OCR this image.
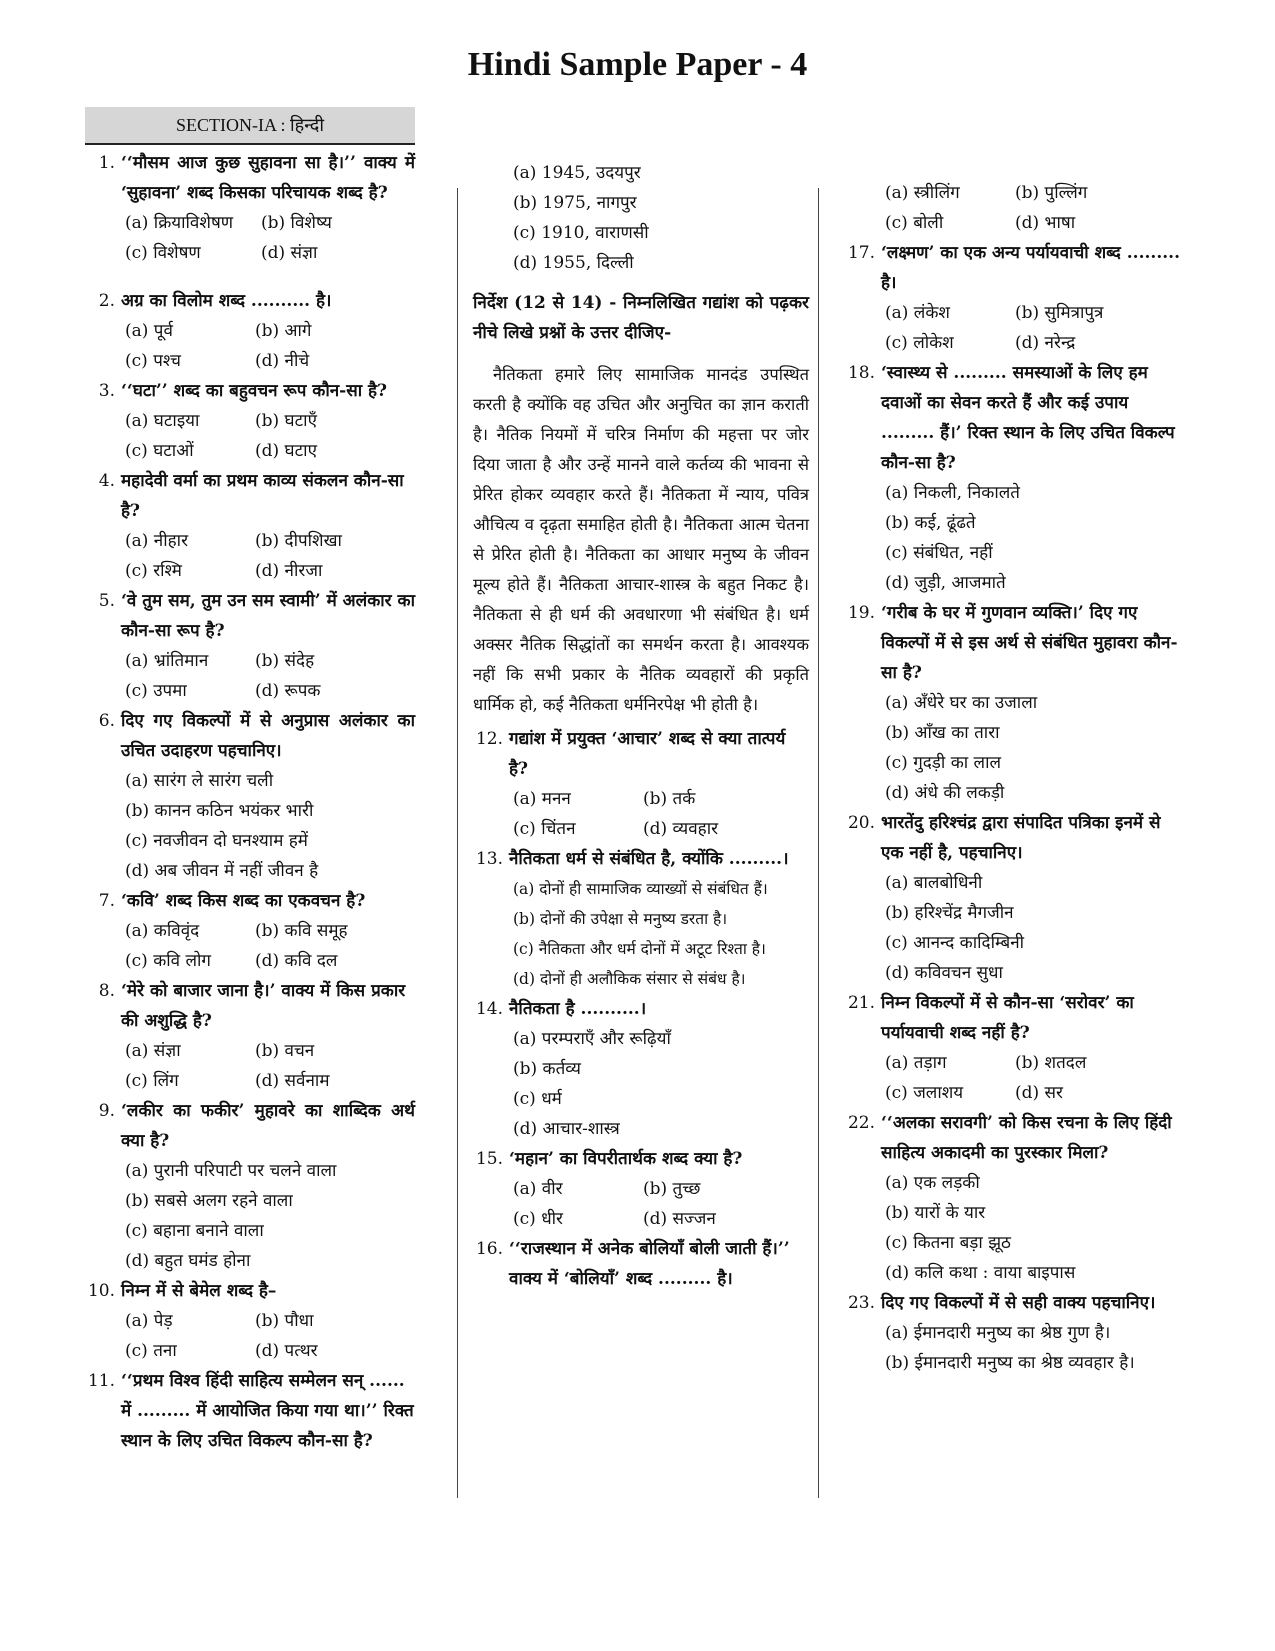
Hindi Sample Paper - 4
SECTION-IA : हिन्दी
1. ‘‘मौसम आज कुछ सुहावना सा है।’’ वाक्य में ‘सुहावना’ शब्द किसका परिचायक शब्द है?
(a) क्रियाविशेषण	(b) विशेष्य
(c) विशेषण	(d) संज्ञा
2. अग्र का विलोम शब्द .......... है।
(a) पूर्व	(b) आगे
(c) पश्च	(d) नीचे
3. ‘‘घटा’’ शब्द का बहुवचन रूप कौन-सा है?
(a) घटाइया	(b) घटाएँ
(c) घटाओं	(d) घटाए
4. महादेवी वर्मा का प्रथम काव्य संकलन कौन-सा है?
(a) नीहार	(b) दीपशिखा
(c) रश्मि	(d) नीरजा
5. ‘वे तुम सम, तुम उन सम स्वामी’ में अलंकार का कौन-सा रूप है?
(a) भ्रांतिमान	(b) संदेह
(c) उपमा	(d) रूपक
6. दिए गए विकल्पों में से अनुप्रास अलंकार का उचित उदाहरण पहचानिए।
(a) सारंग ले सारंग चली
(b) कानन कठिन भयंकर भारी
(c) नवजीवन दो घनश्याम हमें
(d) अब जीवन में नहीं जीवन है
7. ‘कवि’ शब्द किस शब्द का एकवचन है?
(a) कविवृंद	(b) कवि समूह
(c) कवि लोग	(d) कवि दल
8. ‘मेरे को बाजार जाना है।’ वाक्य में किस प्रकार की अशुद्धि है?
(a) संज्ञा	(b) वचन
(c) लिंग	(d) सर्वनाम
9. ‘लकीर का फकीर’ मुहावरे का शाब्दिक अर्थ क्या है?
(a) पुरानी परिपाटी पर चलने वाला
(b) सबसे अलग रहने वाला
(c) बहाना बनाने वाला
(d) बहुत घमंड होना
10. निम्न में से बेमेल शब्द है–
(a) पेड़	(b) पौधा
(c) तना	(d) पत्थर
11. ‘‘प्रथम विश्व हिंदी साहित्य सम्मेलन सन् ...... में ......... में आयोजित किया गया था।’’ रिक्त स्थान के लिए उचित विकल्प कौन-सा है?
(a) 1945, उदयपुर
(b) 1975, नागपुर
(c) 1910, वाराणसी
(d) 1955, दिल्ली
निर्देश (12 से 14) - निम्नलिखित गद्यांश को पढ़कर नीचे लिखे प्रश्नों के उत्तर दीजिए-
नैतिकता हमारे लिए सामाजिक मानदंड उपस्थित करती है क्योंकि वह उचित और अनुचित का ज्ञान कराती है। नैतिक नियमों में चरित्र निर्माण की महत्ता पर जोर दिया जाता है और उन्हें मानने वाले कर्तव्य की भावना से प्रेरित होकर व्यवहार करते हैं। नैतिकता में न्याय, पवित्र औचित्य व दृढ़ता समाहित होती है। नैतिकता आत्म चेतना से प्रेरित होती है। नैतिकता का आधार मनुष्य के जीवन मूल्य होते हैं। नैतिकता आचार-शास्त्र के बहुत निकट है। नैतिकता से ही धर्म की अवधारणा भी संबंधित है। धर्म अक्सर नैतिक सिद्धांतों का समर्थन करता है। आवश्यक नहीं कि सभी प्रकार के नैतिक व्यवहारों की प्रकृति धार्मिक हो, कई नैतिकता धर्मनिरपेक्ष भी होती है।
12. गद्यांश में प्रयुक्त ‘आचार’ शब्द से क्या तात्पर्य है?
(a) मनन	(b) तर्क
(c) चिंतन	(d) व्यवहार
13. नैतिकता धर्म से संबंधित है, क्योंकि .........।
(a) दोनों ही सामाजिक व्याख्यों से संबंधित हैं।
(b) दोनों की उपेक्षा से मनुष्य डरता है।
(c) नैतिकता और धर्म दोनों में अटूट रिश्ता है।
(d) दोनों ही अलौकिक संसार से संबंध है।
14. नैतिकता है ..........।
(a) परम्पराएँ और रूढ़ियाँ
(b) कर्तव्य
(c) धर्म
(d) आचार-शास्त्र
15. ‘महान’ का विपरीतार्थक शब्द क्या है?
(a) वीर	(b) तुच्छ
(c) धीर	(d) सज्जन
16. ‘‘राजस्थान में अनेक बोलियाँ बोली जाती हैं।’’ वाक्य में ‘बोलियाँ’ शब्द ......... है।
(a) स्त्रीलिंग	(b) पुल्लिंग
(c) बोली	(d) भाषा
17. ‘लक्ष्मण’ का एक अन्य पर्यायवाची शब्द ......... है।
(a) लंकेश	(b) सुमित्रापुत्र
(c) लोकेश	(d) नरेन्द्र
18. ‘स्वास्थ्य से ......... समस्याओं के लिए हम दवाओं का सेवन करते हैं और कई उपाय ......... हैं।’ रिक्त स्थान के लिए उचित विकल्प कौन-सा है?
(a) निकली, निकालते
(b) कई, ढूंढते
(c) संबंधित, नहीं
(d) जुड़ी, आजमाते
19. ‘गरीब के घर में गुणवान व्यक्ति।’ दिए गए विकल्पों में से इस अर्थ से संबंधित मुहावरा कौन-सा है?
(a) अँधेरे घर का उजाला
(b) आँख का तारा
(c) गुदड़ी का लाल
(d) अंधे की लकड़ी
20. भारतेंदु हरिश्चंद्र द्वारा संपादित पत्रिका इनमें से एक नहीं है, पहचानिए।
(a) बालबोधिनी
(b) हरिश्चेंद्र मैगजीन
(c) आनन्द कादिम्बिनी
(d) कविवचन सुधा
21. निम्न विकल्पों में से कौन-सा ‘सरोवर’ का पर्यायवाची शब्द नहीं है?
(a) तड़ाग	(b) शतदल
(c) जलाशय	(d) सर
22. ‘‘अलका सरावगी’ को किस रचना के लिए हिंदी साहित्य अकादमी का पुरस्कार मिला?
(a) एक लड़की
(b) यारों के यार
(c) कितना बड़ा झूठ
(d) कलि कथा : वाया बाइपास
23. दिए गए विकल्पों में से सही वाक्य पहचानिए।
(a) ईमानदारी मनुष्य का श्रेष्ठ गुण है।
(b) ईमानदारी मनुष्य का श्रेष्ठ व्यवहार है।
